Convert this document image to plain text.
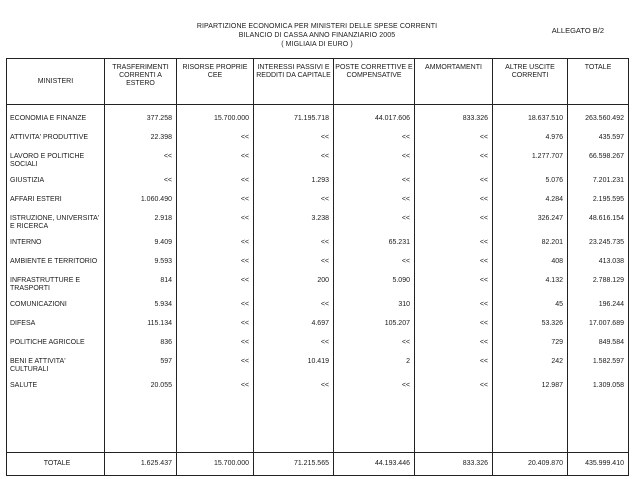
RIPARTIZIONE ECONOMICA PER MINISTERI DELLE SPESE CORRENTI
BILANCIO DI CASSA ANNO FINANZIARIO 2005
( MIGLIAIA DI EURO )
ALLEGATO B/2
MINISTERI	TRASFERIMENTI CORRENTI A ESTERO	RISORSE PROPRIE CEE	INTERESSI PASSIVI E REDDITI DA CAPITALE	POSTE CORRETTIVE E COMPENSATIVE	AMMORTAMENTI	ALTRE USCITE CORRENTI	TOTALE

ECONOMIA E FINANZE	377.258	15.700.000	71.195.718	44.017.606	833.326	18.637.510	263.560.492
ATTIVITA' PRODUTTIVE	22.398	<<	<<	<<	<<	4.976	435.597
LAVORO E POLITICHE SOCIALI	<<	<<	<<	<<	<<	1.277.707	66.598.267
GIUSTIZIA	<<	<<	1.293	<<	<<	5.076	7.201.231
AFFARI ESTERI	1.060.490	<<	<<	<<	<<	4.284	2.195.595
ISTRUZIONE, UNIVERSITA' E RICERCA	2.918	<<	3.238	<<	<<	326.247	48.616.154
INTERNO	9.409	<<	<<	65.231	<<	82.201	23.245.735
AMBIENTE E TERRITORIO	9.593	<<	<<	<<	<<	408	413.038
INFRASTRUTTURE E TRASPORTI	814	<<	200	5.090	<<	4.132	2.788.129
COMUNICAZIONI	5.934	<<	<<	310	<<	45	196.244
DIFESA	115.134	<<	4.697	105.207	<<	53.326	17.007.689
POLITICHE AGRICOLE	836	<<	<<	<<	<<	729	849.584
BENI E ATTIVITA' CULTURALI	597	<<	10.419	2	<<	242	1.582.597
SALUTE	20.055	<<	<<	<<	<<	12.987	1.309.058

TOTALE	1.625.437	15.700.000	71.215.565	44.193.446	833.326	20.409.870	435.999.410
